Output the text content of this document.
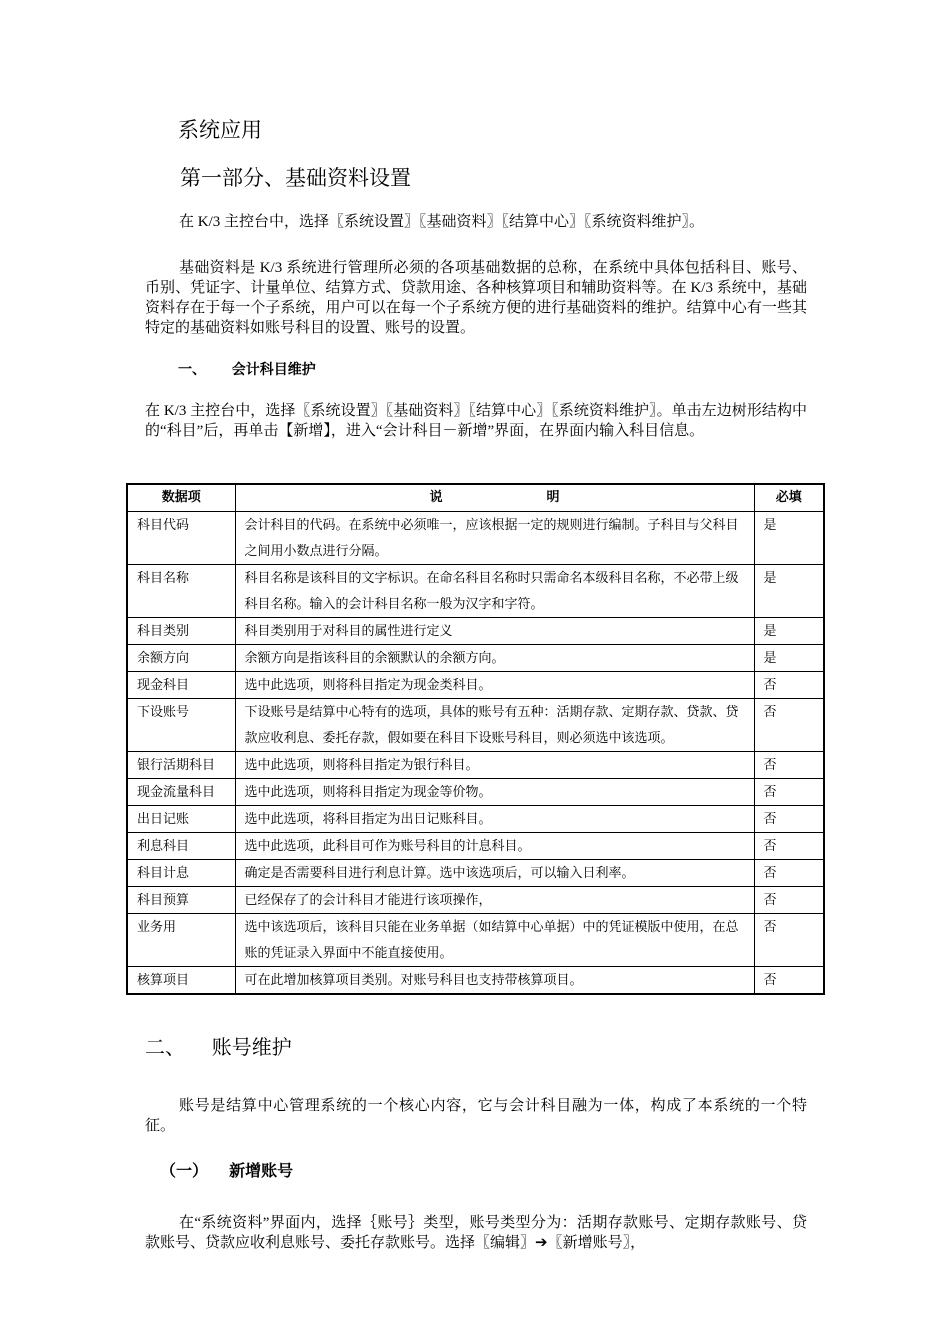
系统应用
第一部分、基础资料设置
在 K/3 主控台中，选择〖系统设置〗〖基础资料〗〖结算中心〗〖系统资料维护〗。
基础资料是 K/3 系统进行管理所必须的各项基础数据的总称，在系统中具体包括科目、账号、币别、凭证字、计量单位、结算方式、贷款用途、各种核算项目和辅助资料等。在 K/3 系统中，基础资料存在于每一个子系统，用户可以在每一个子系统方便的进行基础资料的维护。结算中心有一些其特定的基础资料如账号科目的设置、账号的设置。
一、 会计科目维护
在 K/3 主控台中，选择〖系统设置〗〖基础资料〗〖结算中心〗〖系统资料维护〗。单击左边树形结构中的“科目”后，再单击【新增】，进入“会计科目－新增”界面，在界面内输入科目信息。
数据项	说　　　　　　　　明	必填
科目代码	会计科目的代码。在系统中必须唯一，应该根据一定的规则进行编制。子科目与父科目之间用小数点进行分隔。	是
科目名称	科目名称是该科目的文字标识。在命名科目名称时只需命名本级科目名称，不必带上级科目名称。输入的会计科目名称一般为汉字和字符。	是
科目类别	科目类别用于对科目的属性进行定义	是
余额方向	余额方向是指该科目的余额默认的余额方向。	是
现金科目	选中此选项，则将科目指定为现金类科目。	否
下设账号	下设账号是结算中心特有的选项，具体的账号有五种：活期存款、定期存款、贷款、贷款应收利息、委托存款，假如要在科目下设账号科目，则必须选中该选项。	否
银行活期科目	选中此选项，则将科目指定为银行科目。	否
现金流量科目	选中此选项，则将科目指定为现金等价物。	否
出日记账	选中此选项，将科目指定为出日记账科目。	否
利息科目	选中此选项，此科目可作为账号科目的计息科目。	否
科目计息	确定是否需要科目进行利息计算。选中该选项后，可以输入日利率。	否
科目预算	已经保存了的会计科目才能进行该项操作，	否
业务用	选中该选项后，该科目只能在业务单据（如结算中心单据）中的凭证模版中使用，在总账的凭证录入界面中不能直接使用。	否
核算项目	可在此增加核算项目类别。对账号科目也支持带核算项目。	否
二、 账号维护
账号是结算中心管理系统的一个核心内容，它与会计科目融为一体，构成了本系统的一个特征。
（一） 新增账号
在“系统资料”界面内，选择｛账号｝类型，账号类型分为：活期存款账号、定期存款账号、贷款账号、贷款应收利息账号、委托存款账号。选择〖编辑〗➔〖新增账号〗，
